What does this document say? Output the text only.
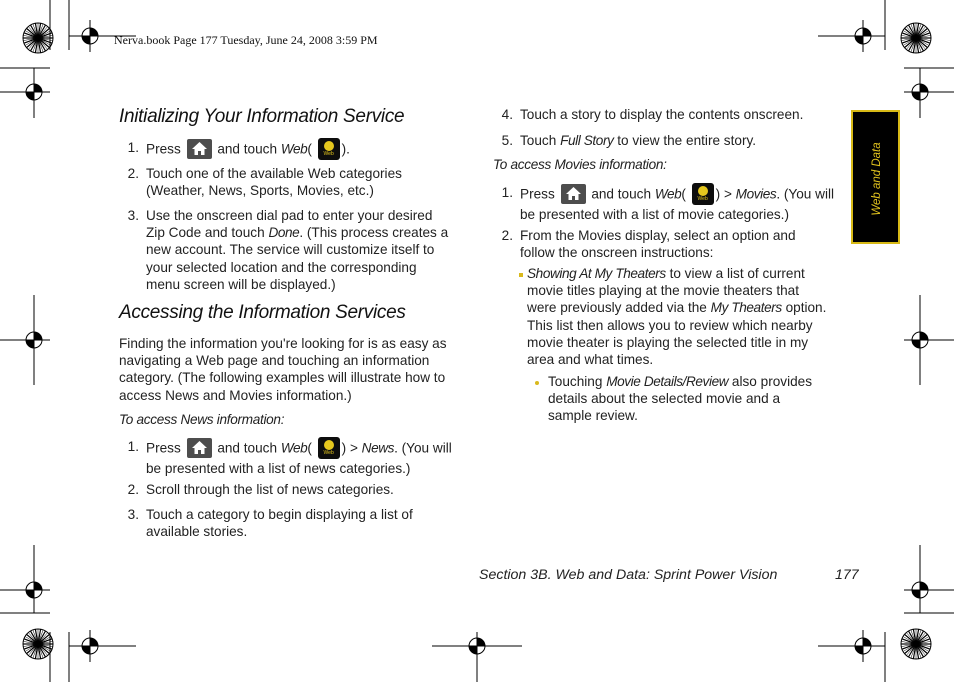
Nerva.book Page 177 Tuesday, June 24, 2008 3:59 PM
Web and Data
Initializing Your Information Service
1. Press	and touch Web(	Web ).
2. Touch one of the available Web categories
(Weather, News, Sports, Movies, etc.)
3. Use the onscreen dial pad to enter your desired
Zip Code and touch Done. (This process creates a
new account. The service will customize itself to
your selected location and the corresponding
menu screen will be displayed.)
Accessing the Information Services
Finding the information you're looking for is as easy as
navigating a Web page and touching an information
category. (The following examples will illustrate how to
access News and Movies information.)
To access News information:
1. Press	and touch Web(	Web ) > News. (You will
be presented with a list of news categories.)
2. Scroll through the list of news categories.
3. Touch a category to begin displaying a list of
available stories.
4. Touch a story to display the contents onscreen.
5. Touch Full Story to view the entire story.
To access Movies information:
1. Press	and touch Web(	Web ) > Movies. (You will
be presented with a list of movie categories.)
2. From the Movies display, select an option and
follow the onscreen instructions:
Showing At My Theaters to view a list of current
movie titles playing at the movie theaters that
were previously added via the My Theaters option.
This list then allows you to review which nearby
movie theater is playing the selected title in my
area and what times.
Touching Movie Details/Review also provides
details about the selected movie and a
sample review.
Section 3B. Web and Data: Sprint Power Vision	177
